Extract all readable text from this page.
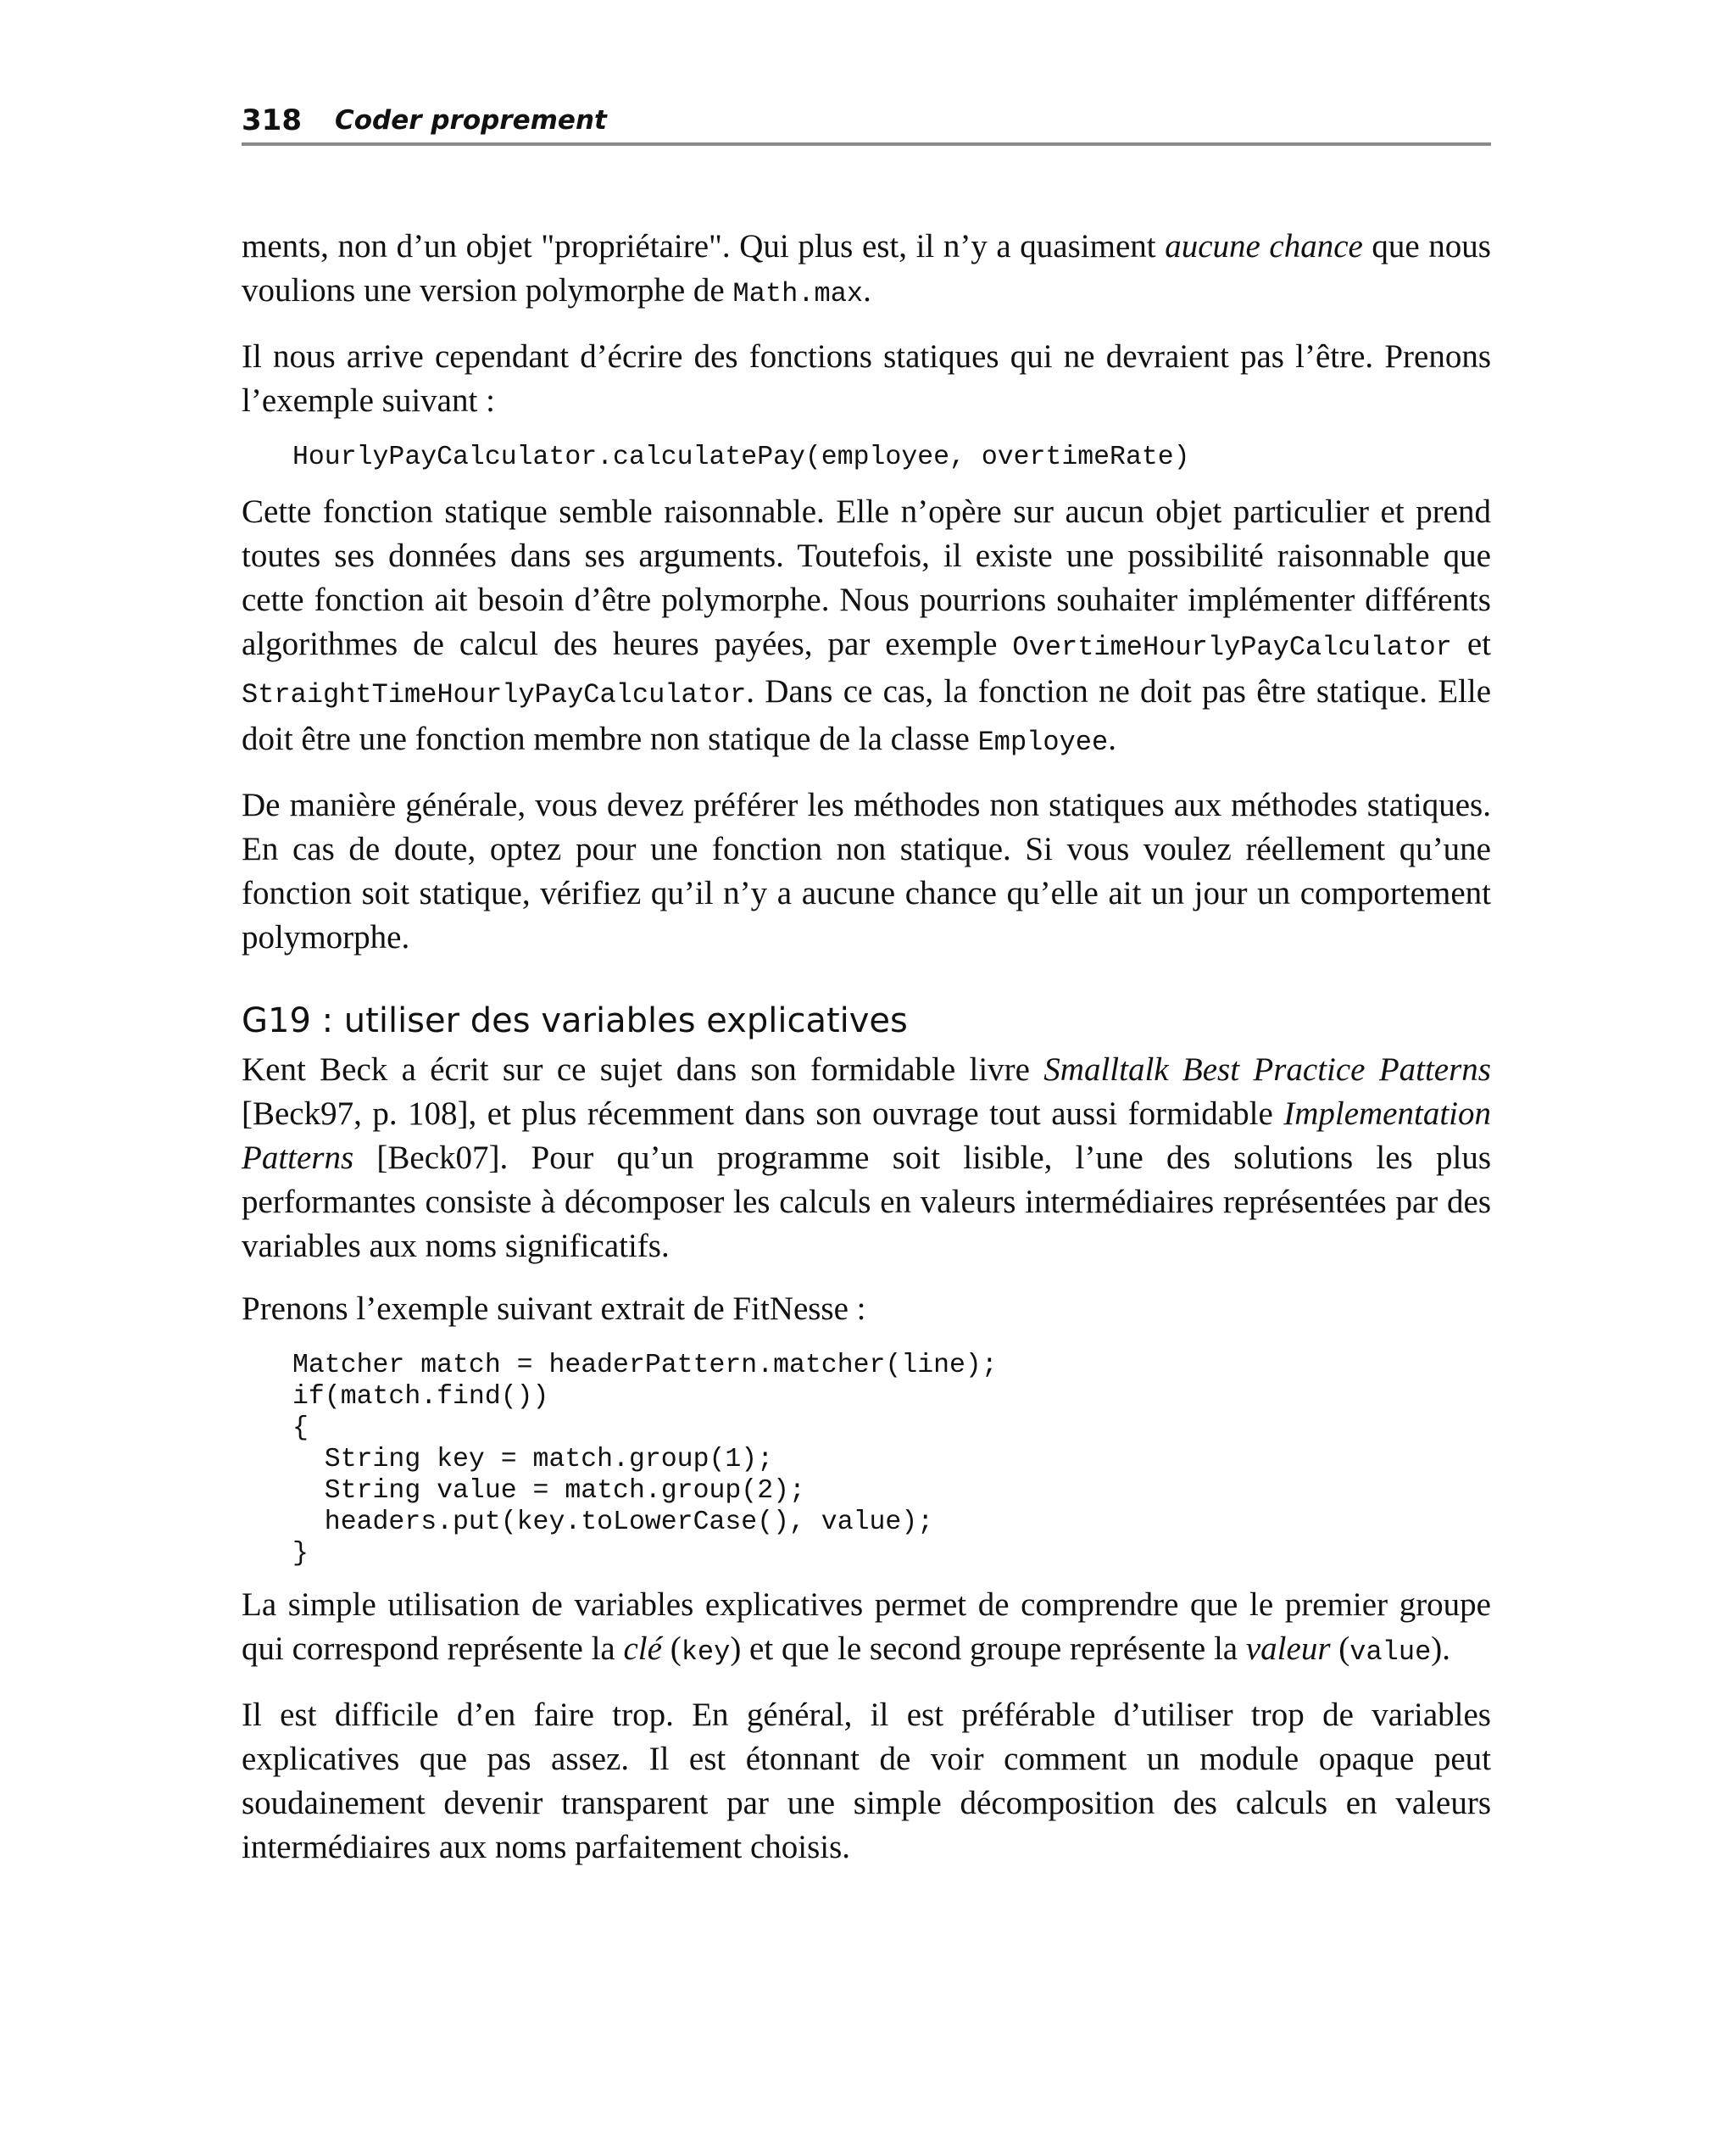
318 Coder proprement

ments, non d’un objet "propriétaire". Qui plus est, il n’y a quasiment aucune chance que nous voulions une version polymorphe de Math.max.

Il nous arrive cependant d’écrire des fonctions statiques qui ne devraient pas l’être. Prenons l’exemple suivant :

HourlyPayCalculator.calculatePay(employee, overtimeRate)

Cette fonction statique semble raisonnable. Elle n’opère sur aucun objet particulier et prend toutes ses données dans ses arguments. Toutefois, il existe une possibilité raisonnable que cette fonction ait besoin d’être polymorphe. Nous pourrions souhaiter implémenter différents algorithmes de calcul des heures payées, par exemple OvertimeHourlyPayCalculator et StraightTimeHourlyPayCalculator. Dans ce cas, la fonction ne doit pas être statique. Elle doit être une fonction membre non statique de la classe Employee.

De manière générale, vous devez préférer les méthodes non statiques aux méthodes statiques. En cas de doute, optez pour une fonction non statique. Si vous voulez réellement qu’une fonction soit statique, vérifiez qu’il n’y a aucune chance qu’elle ait un jour un comportement polymorphe.

G19 : utiliser des variables explicatives

Kent Beck a écrit sur ce sujet dans son formidable livre Smalltalk Best Practice Patterns [Beck97, p. 108], et plus récemment dans son ouvrage tout aussi formidable Implementation Patterns [Beck07]. Pour qu’un programme soit lisible, l’une des solutions les plus performantes consiste à décomposer les calculs en valeurs intermédiaires représentées par des variables aux noms significatifs.

Prenons l’exemple suivant extrait de FitNesse :

Matcher match = headerPattern.matcher(line);
if(match.find())
{
String key = match.group(1);
String value = match.group(2);
headers.put(key.toLowerCase(), value);
}

La simple utilisation de variables explicatives permet de comprendre que le premier groupe qui correspond représente la clé (key) et que le second groupe représente la valeur (value).

Il est difficile d’en faire trop. En général, il est préférable d’utiliser trop de variables explicatives que pas assez. Il est étonnant de voir comment un module opaque peut soudainement devenir transparent par une simple décomposition des calculs en valeurs intermédiaires aux noms parfaitement choisis.
